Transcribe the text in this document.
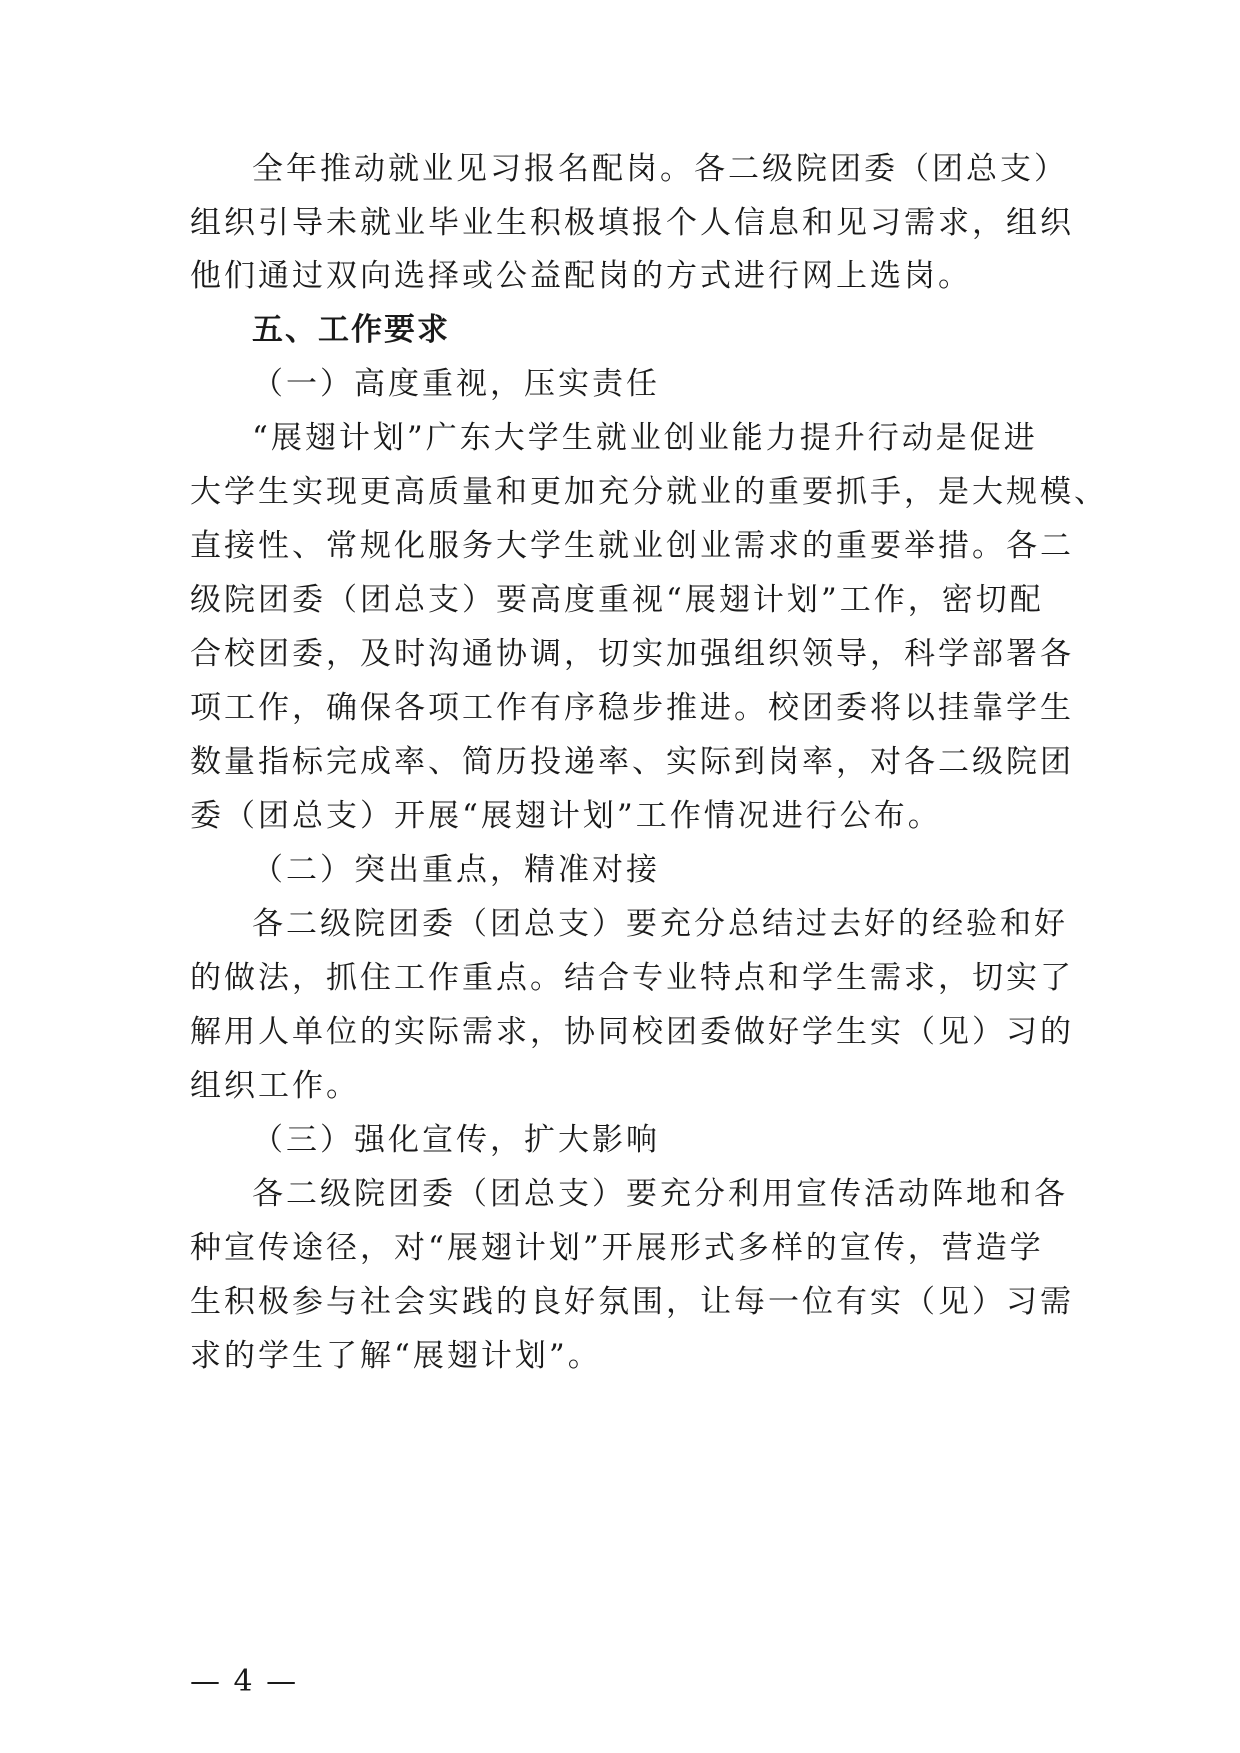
全年推动就业见习报名配岗。各二级院团委（团总支）
组织引导未就业毕业生积极填报个人信息和见习需求，组织
他们通过双向选择或公益配岗的方式进行网上选岗。
五、工作要求
（一）高度重视，压实责任
“展翅计划”广东大学生就业创业能力提升行动是促进
大学生实现更高质量和更加充分就业的重要抓手，是大规模、
直接性、常规化服务大学生就业创业需求的重要举措。各二
级院团委（团总支）要高度重视“展翅计划”工作，密切配
合校团委，及时沟通协调，切实加强组织领导，科学部署各
项工作，确保各项工作有序稳步推进。校团委将以挂靠学生
数量指标完成率、简历投递率、实际到岗率，对各二级院团
委（团总支）开展“展翅计划”工作情况进行公布。
（二）突出重点，精准对接
各二级院团委（团总支）要充分总结过去好的经验和好
的做法，抓住工作重点。结合专业特点和学生需求，切实了
解用人单位的实际需求，协同校团委做好学生实（见）习的
组织工作。
（三）强化宣传，扩大影响
各二级院团委（团总支）要充分利用宣传活动阵地和各
种宣传途径，对“展翅计划”开展形式多样的宣传，营造学
生积极参与社会实践的良好氛围，让每一位有实（见）习需
求的学生了解“展翅计划”。
— 4 —
